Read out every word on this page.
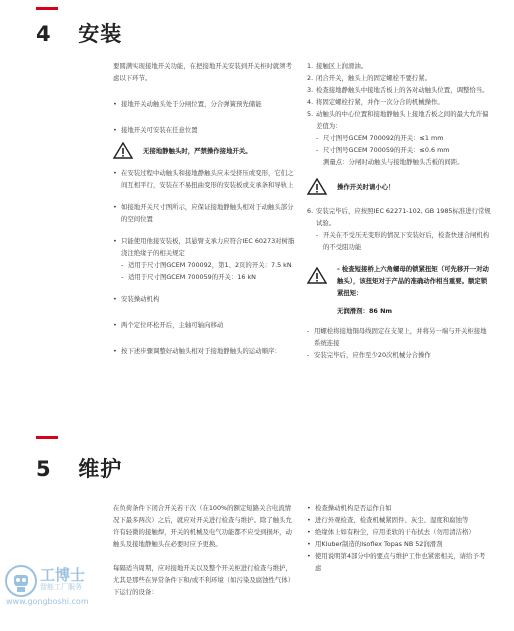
4 安装

要圆满实现接地开关功能，在把接地开关安装到开关柜时就须考虑以下环节。

• 接地开关动触头处于分闸位置，分合弹簧预先储能

• 接地开关可安装在任意位置

无接地静触头时，严禁操作接地开关。

• 在安装过程中动触头和接地静触头应未受挤压或变形，它们之间互相平行，安装在不易扭曲变形的安装板或支承条和导轨上

• 如接地开关尺寸图所示，应保证接地静触头相对于动触头部分的空间位置

• 只能使用他接安装板，其悬臂支承力应符合IEC 60273对树脂浇注绝缘子的相关规定

- 适用于尺寸图GCEM 700092，第1、2页的开关：7.5 kN
- 适用于尺寸图GCEM 700059的开关：16 kN

• 安装操动机构

• 两个定位环松开后，主轴可轴向移动

• 按下述步骤调整好动触头相对于接地静触头的运动顺序：

1. 接触区上润滑油。
2. 闭合开关，触头上的固定螺栓不要拧紧。
3. 检查接地静触头中接地舌板上的各对动触头位置，调整恰当。
4. 将固定螺栓拧紧，并作一次分合的机械操作。
5. 动触头的中心位置和接地静触头上接地舌板之间的最大允许偏差值为：
- 尺寸图号GCEM 700092的开关：≤1 mm
- 尺寸图号GCEM 700059的开关：≤0.6 mm
测量点：分闸时动触头与接地静触头舌板的间距。
操作开关时请小心！
6. 安装完毕后，应按照IEC 62271-102, GB 1985标准进行常规试验。
- 开关在不受压无变形的情况下安装好后，检查快速合闸机构的不受阻功能
- 检查短接桥上六角螺母的锁紧扭矩（可先移开一对动触头），该扭矩对于产品的准确动作相当重要。额定锁紧扭矩：
无润滑剂：86 Nm
- 用螺栓将接地铜母线固定在支架上，并将另一端与开关柜接地系统连接
- 安装完毕后，应作至少20次机械分合操作
5 维护

在负荷条件下闭合开关若干次（在100%的额定短路关合电流情况下最多两次）之后，就应对开关进行检查与维护。除了触头允许有轻微的接触焊，开关的机械及电气功能都不应受到损坏，动触头及接地静触头在必要时应予更换。

每隔适当周期，应对接地开关以及整个开关柜进行检查与维护，尤其是那些在异常条件下和/或不利环境（如污染及腐蚀性气体）下运行的设备：

• 检查操动机构是否运作自如

• 进行外观检查，检查机械紧固件、灰尘、湿度和腐蚀等

• 绝缘体上如有粉尘，应用柔软的干布拭去（勿用清洁格）

• 用Kluber制造的Isoflex Topas NB 52润滑剂

• 使用说明第4部分中的要点与维护工作也紧密相关，请给予考虑

工博士
智能工厂服务
www.gongboshi.com
